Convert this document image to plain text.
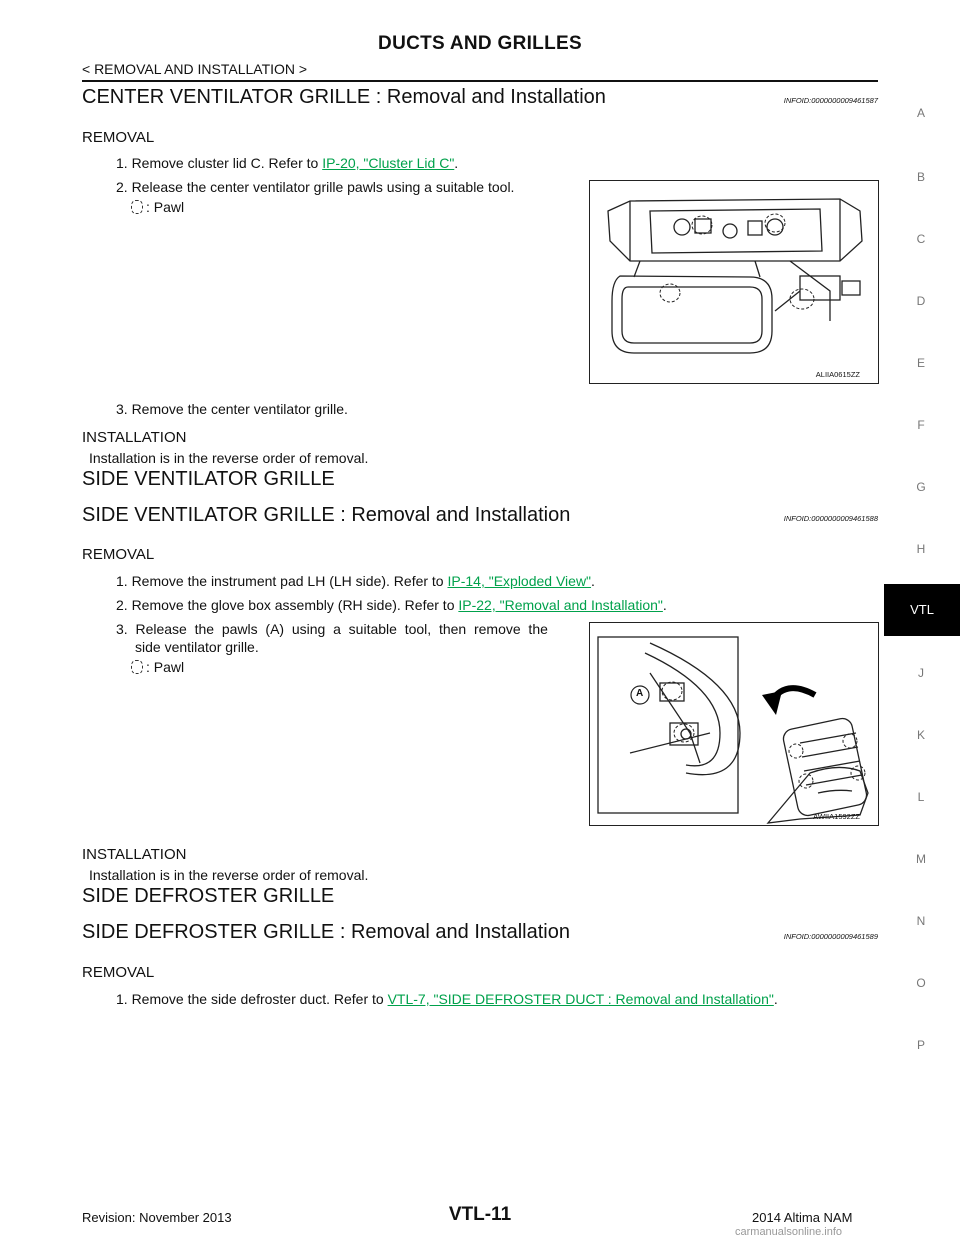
DUCTS AND GRILLES
< REMOVAL AND INSTALLATION >
A
B
C
D
E
F
G
H
J
K
L
M
N
O
P
VTL
CENTER VENTILATOR GRILLE : Removal and Installation	INFOID:0000000009461587
REMOVAL
1. Remove cluster lid C. Refer to IP-20, "Cluster Lid C".
2. Release the center ventilator grille pawls using a suitable tool.
: Pawl
ALIIA0615ZZ
3. Remove the center ventilator grille.
INSTALLATION
Installation is in the reverse order of removal.
SIDE VENTILATOR GRILLE
SIDE VENTILATOR GRILLE : Removal and Installation	INFOID:0000000009461588
REMOVAL
1. Remove the instrument pad LH (LH side). Refer to IP-14, "Exploded View".
2. Remove the glove box assembly (RH side). Refer to IP-22, "Removal and Installation".
3.  Release  the  pawls  (A)  using  a  suitable  tool,  then  remove  the
side ventilator grille.
: Pawl
A
AWIIA1592ZZ
INSTALLATION
Installation is in the reverse order of removal.
SIDE DEFROSTER GRILLE
SIDE DEFROSTER GRILLE : Removal and Installation	INFOID:0000000009461589
REMOVAL
1. Remove the side defroster duct. Refer to VTL-7, "SIDE DEFROSTER DUCT : Removal and Installation".
Revision: November 2013	VTL-11	2014 Altima NAM
carmanualsonline.info
